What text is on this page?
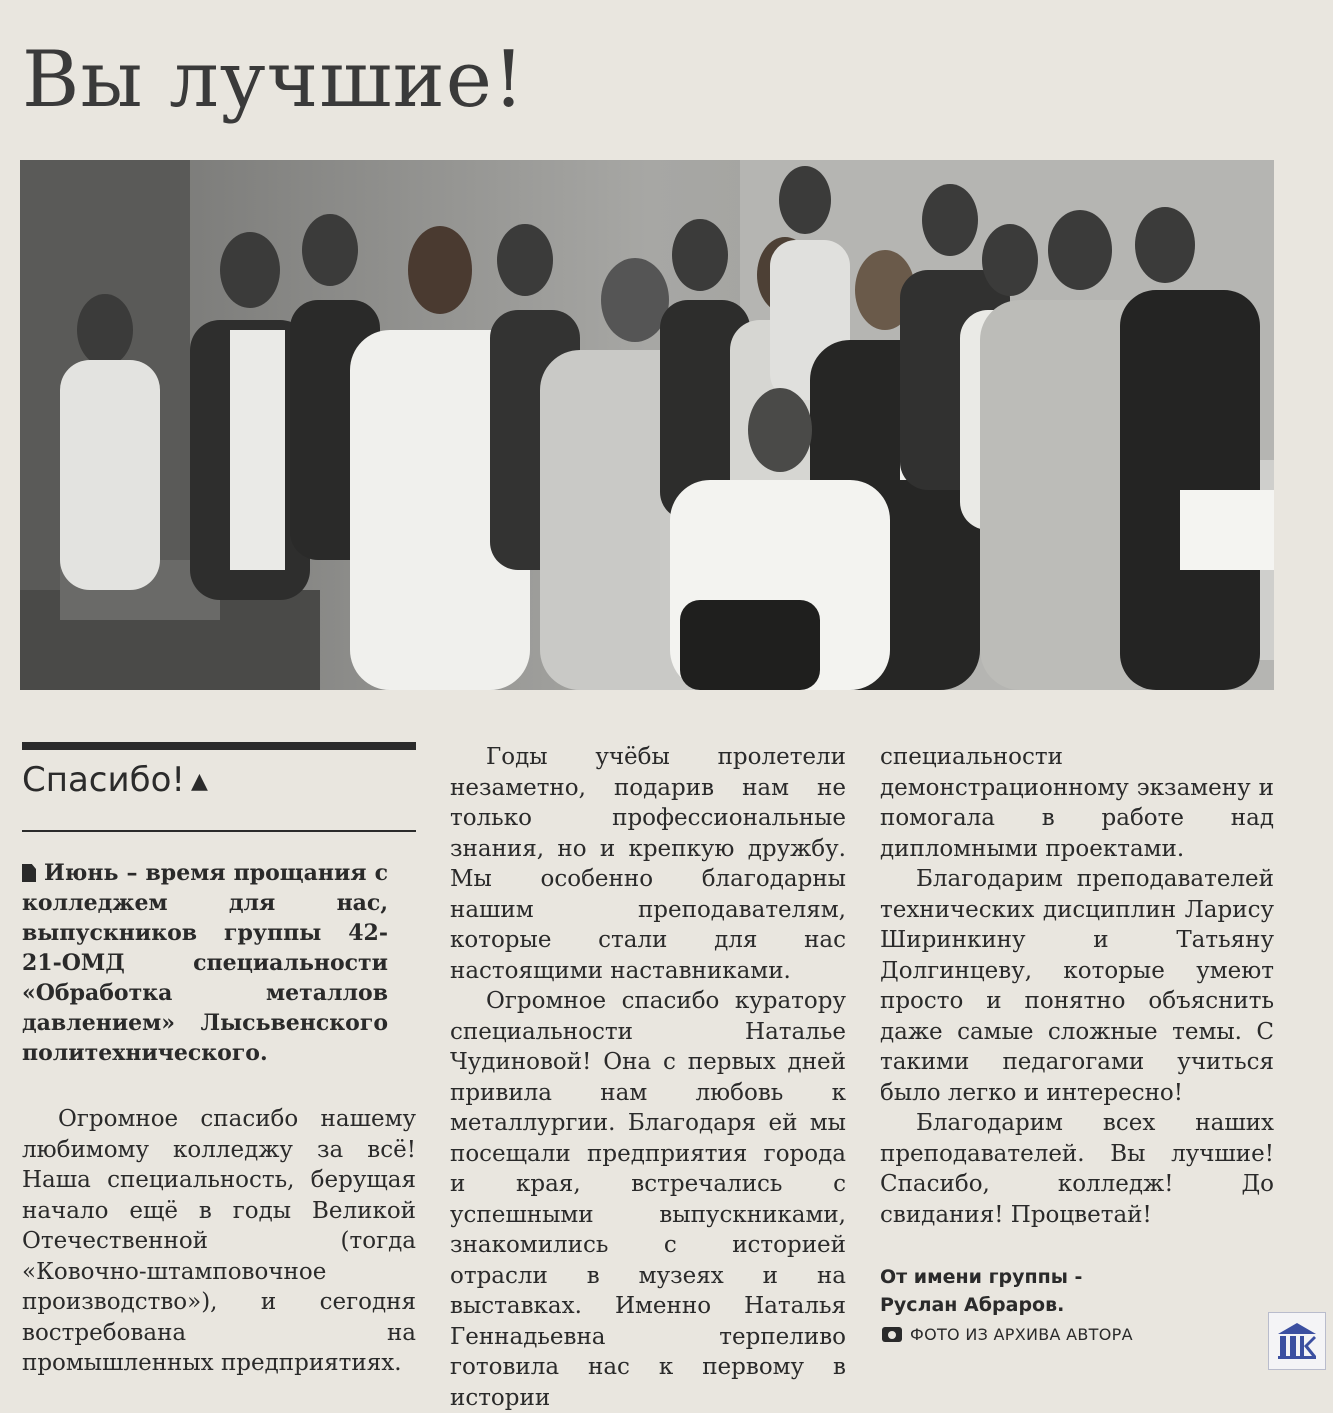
Вы лучшие!
Спасибо! ▲
Июнь – время прощания с колледжем для нас, выпускников группы 42-21-ОМД специальности «Обработка металлов давлением» Лысьвенского политехнического.

Огромное спасибо нашему любимому колледжу за всё! Наша специальность, берущая начало ещё в годы Великой Отечественной (тогда «Ковочно-штамповочное производство»), и сегодня востребована на промышленных предприятиях.

Годы учёбы пролетели незаметно, подарив нам не только профессиональные знания, но и крепкую дружбу. Мы особенно благодарны нашим преподавателям, которые стали для нас настоящими наставниками.

Огромное спасибо куратору специальности Наталье Чудиновой! Она с первых дней привила нам любовь к металлургии. Благодаря ей мы посещали предприятия города и края, встречались с успешными выпускниками, знакомились с историей отрасли в музеях и на выставках. Именно Наталья Геннадьевна терпеливо готовила нас к первому в истории

специальности демонстрационному экзамену и помогала в работе над дипломными проектами.

Благодарим преподавателей технических дисциплин Ларису Ширинкину и Татьяну Долгинцеву, которые умеют просто и понятно объяснить даже самые сложные темы. С такими педагогами учиться было легко и интересно!

Благодарим всех наших преподавателей. Вы лучшие! Спасибо, колледж! До свидания! Процветай!

От имени группы -
Руслан Абраров.
ФОТО ИЗ АРХИВА АВТОРА
